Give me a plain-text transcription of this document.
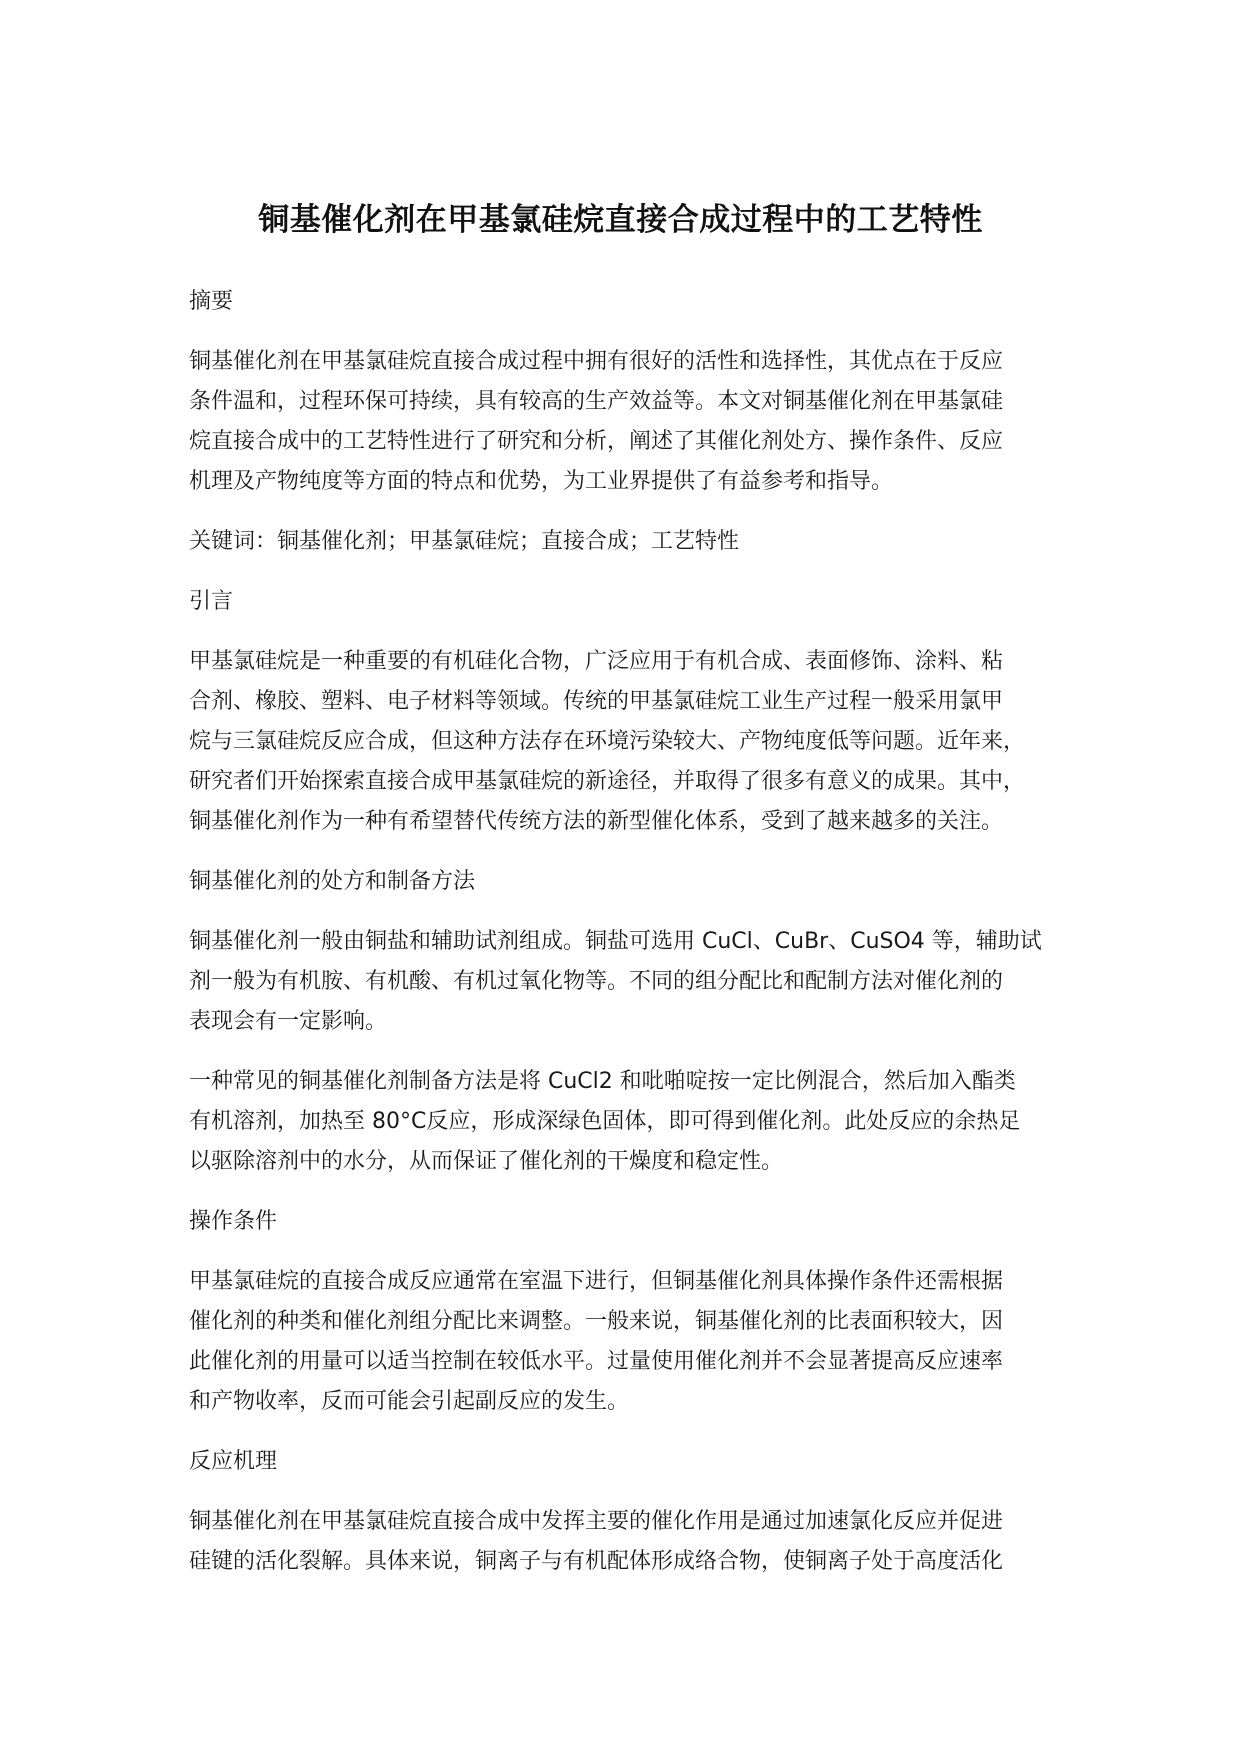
铜基催化剂在甲基氯硅烷直接合成过程中的工艺特性
摘要
铜基催化剂在甲基氯硅烷直接合成过程中拥有很好的活性和选择性，其优点在于反应
条件温和，过程环保可持续，具有较高的生产效益等。本文对铜基催化剂在甲基氯硅
烷直接合成中的工艺特性进行了研究和分析，阐述了其催化剂处方、操作条件、反应
机理及产物纯度等方面的特点和优势，为工业界提供了有益参考和指导。
关键词：铜基催化剂；甲基氯硅烷；直接合成；工艺特性
引言
甲基氯硅烷是一种重要的有机硅化合物，广泛应用于有机合成、表面修饰、涂料、粘
合剂、橡胶、塑料、电子材料等领域。传统的甲基氯硅烷工业生产过程一般采用氯甲
烷与三氯硅烷反应合成，但这种方法存在环境污染较大、产物纯度低等问题。近年来，
研究者们开始探索直接合成甲基氯硅烷的新途径，并取得了很多有意义的成果。其中，
铜基催化剂作为一种有希望替代传统方法的新型催化体系，受到了越来越多的关注。
铜基催化剂的处方和制备方法
铜基催化剂一般由铜盐和辅助试剂组成。铜盐可选用 CuCl、CuBr、CuSO4 等，辅助试
剂一般为有机胺、有机酸、有机过氧化物等。不同的组分配比和配制方法对催化剂的
表现会有一定影响。
一种常见的铜基催化剂制备方法是将 CuCl2 和吡啪啶按一定比例混合，然后加入酯类
有机溶剂，加热至 80°C反应，形成深绿色固体，即可得到催化剂。此处反应的余热足
以驱除溶剂中的水分，从而保证了催化剂的干燥度和稳定性。
操作条件
甲基氯硅烷的直接合成反应通常在室温下进行，但铜基催化剂具体操作条件还需根据
催化剂的种类和催化剂组分配比来调整。一般来说，铜基催化剂的比表面积较大，因
此催化剂的用量可以适当控制在较低水平。过量使用催化剂并不会显著提高反应速率
和产物收率，反而可能会引起副反应的发生。
反应机理
铜基催化剂在甲基氯硅烷直接合成中发挥主要的催化作用是通过加速氯化反应并促进
硅键的活化裂解。具体来说，铜离子与有机配体形成络合物，使铜离子处于高度活化
